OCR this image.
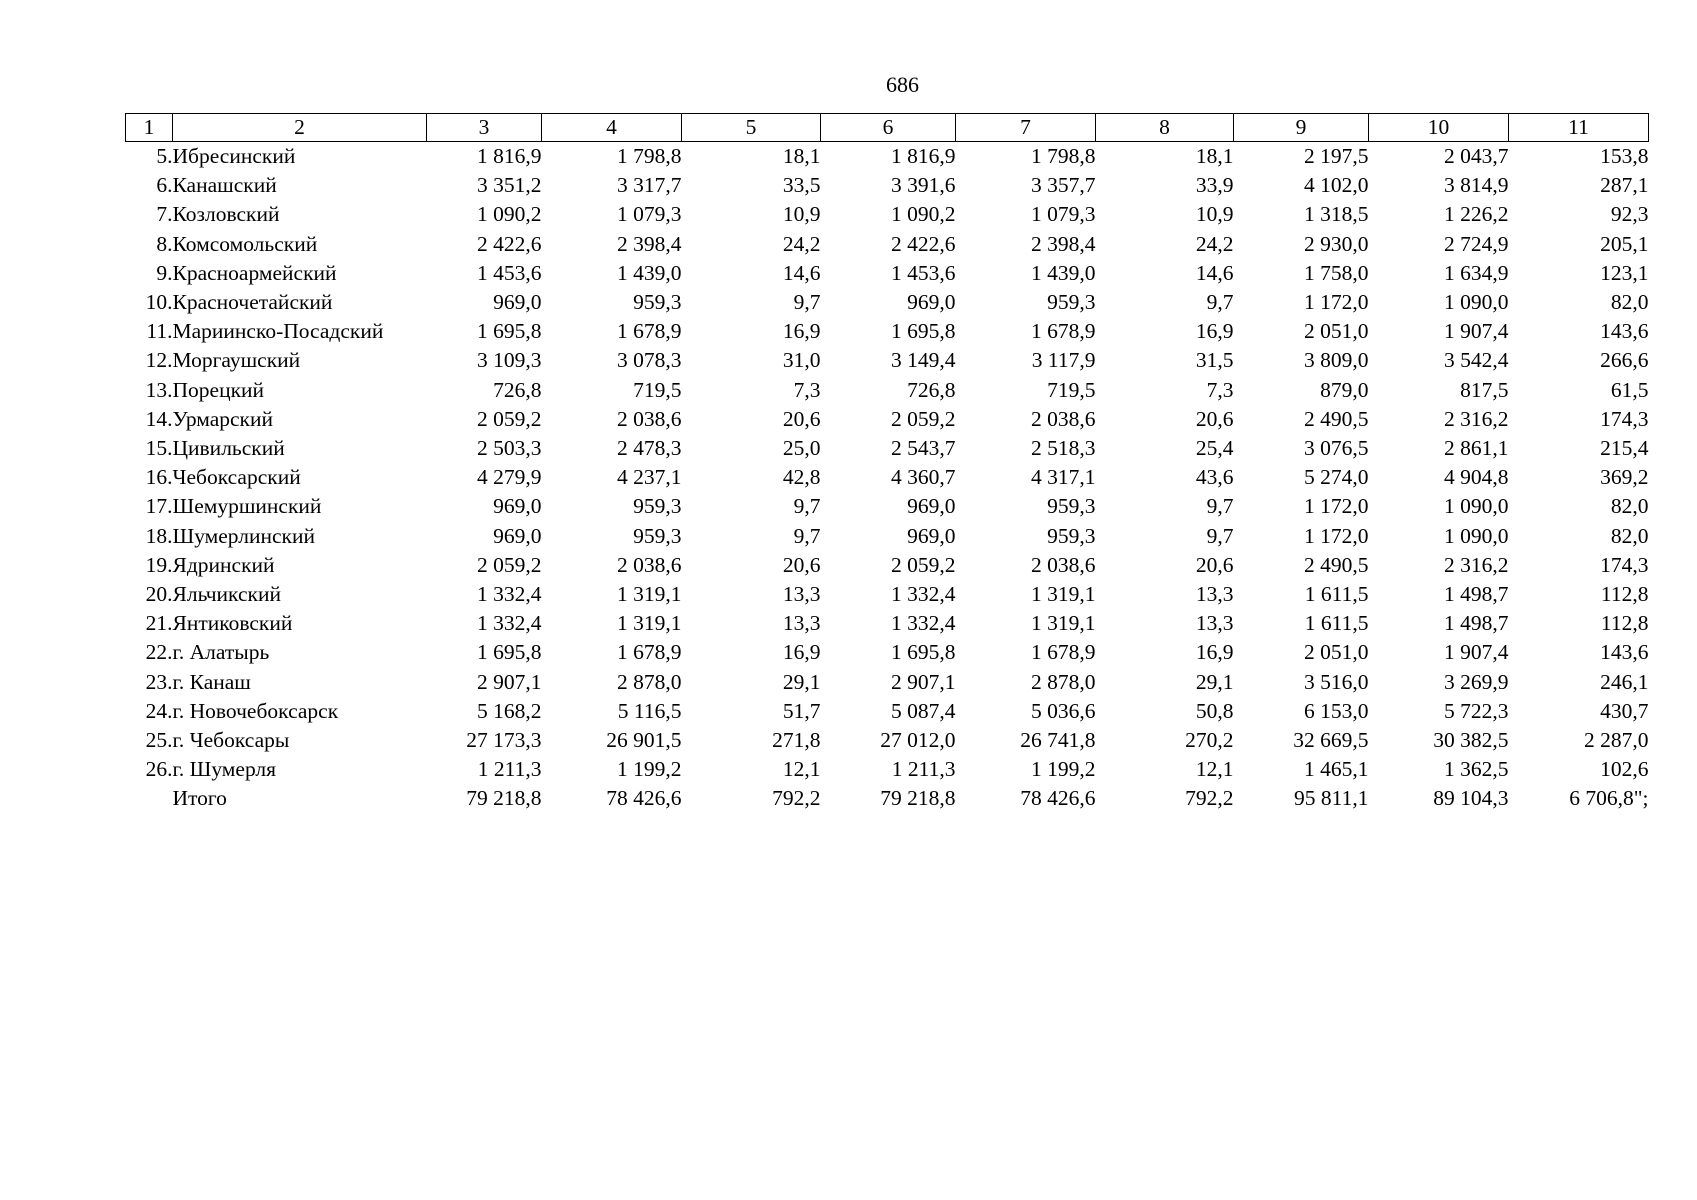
686
1	2	3	4	5	6	7	8	9	10	11
5.	Ибресинский	1 816,9	1 798,8	18,1	1 816,9	1 798,8	18,1	2 197,5	2 043,7	153,8
6.	Канашский	3 351,2	3 317,7	33,5	3 391,6	3 357,7	33,9	4 102,0	3 814,9	287,1
7.	Козловский	1 090,2	1 079,3	10,9	1 090,2	1 079,3	10,9	1 318,5	1 226,2	92,3
8.	Комсомольский	2 422,6	2 398,4	24,2	2 422,6	2 398,4	24,2	2 930,0	2 724,9	205,1
9.	Красноармейский	1 453,6	1 439,0	14,6	1 453,6	1 439,0	14,6	1 758,0	1 634,9	123,1
10.	Красночетайский	969,0	959,3	9,7	969,0	959,3	9,7	1 172,0	1 090,0	82,0
11.	Мариинско-Посадский	1 695,8	1 678,9	16,9	1 695,8	1 678,9	16,9	2 051,0	1 907,4	143,6
12.	Моргаушский	3 109,3	3 078,3	31,0	3 149,4	3 117,9	31,5	3 809,0	3 542,4	266,6
13.	Порецкий	726,8	719,5	7,3	726,8	719,5	7,3	879,0	817,5	61,5
14.	Урмарский	2 059,2	2 038,6	20,6	2 059,2	2 038,6	20,6	2 490,5	2 316,2	174,3
15.	Цивильский	2 503,3	2 478,3	25,0	2 543,7	2 518,3	25,4	3 076,5	2 861,1	215,4
16.	Чебоксарский	4 279,9	4 237,1	42,8	4 360,7	4 317,1	43,6	5 274,0	4 904,8	369,2
17.	Шемуршинский	969,0	959,3	9,7	969,0	959,3	9,7	1 172,0	1 090,0	82,0
18.	Шумерлинский	969,0	959,3	9,7	969,0	959,3	9,7	1 172,0	1 090,0	82,0
19.	Ядринский	2 059,2	2 038,6	20,6	2 059,2	2 038,6	20,6	2 490,5	2 316,2	174,3
20.	Яльчикский	1 332,4	1 319,1	13,3	1 332,4	1 319,1	13,3	1 611,5	1 498,7	112,8
21.	Янтиковский	1 332,4	1 319,1	13,3	1 332,4	1 319,1	13,3	1 611,5	1 498,7	112,8
22.	г. Алатырь	1 695,8	1 678,9	16,9	1 695,8	1 678,9	16,9	2 051,0	1 907,4	143,6
23.	г. Канаш	2 907,1	2 878,0	29,1	2 907,1	2 878,0	29,1	3 516,0	3 269,9	246,1
24.	г. Новочебоксарск	5 168,2	5 116,5	51,7	5 087,4	5 036,6	50,8	6 153,0	5 722,3	430,7
25.	г. Чебоксары	27 173,3	26 901,5	271,8	27 012,0	26 741,8	270,2	32 669,5	30 382,5	2 287,0
26.	г. Шумерля	1 211,3	1 199,2	12,1	1 211,3	1 199,2	12,1	1 465,1	1 362,5	102,6
	Итого	79 218,8	78 426,6	792,2	79 218,8	78 426,6	792,2	95 811,1	89 104,3	6 706,8";
